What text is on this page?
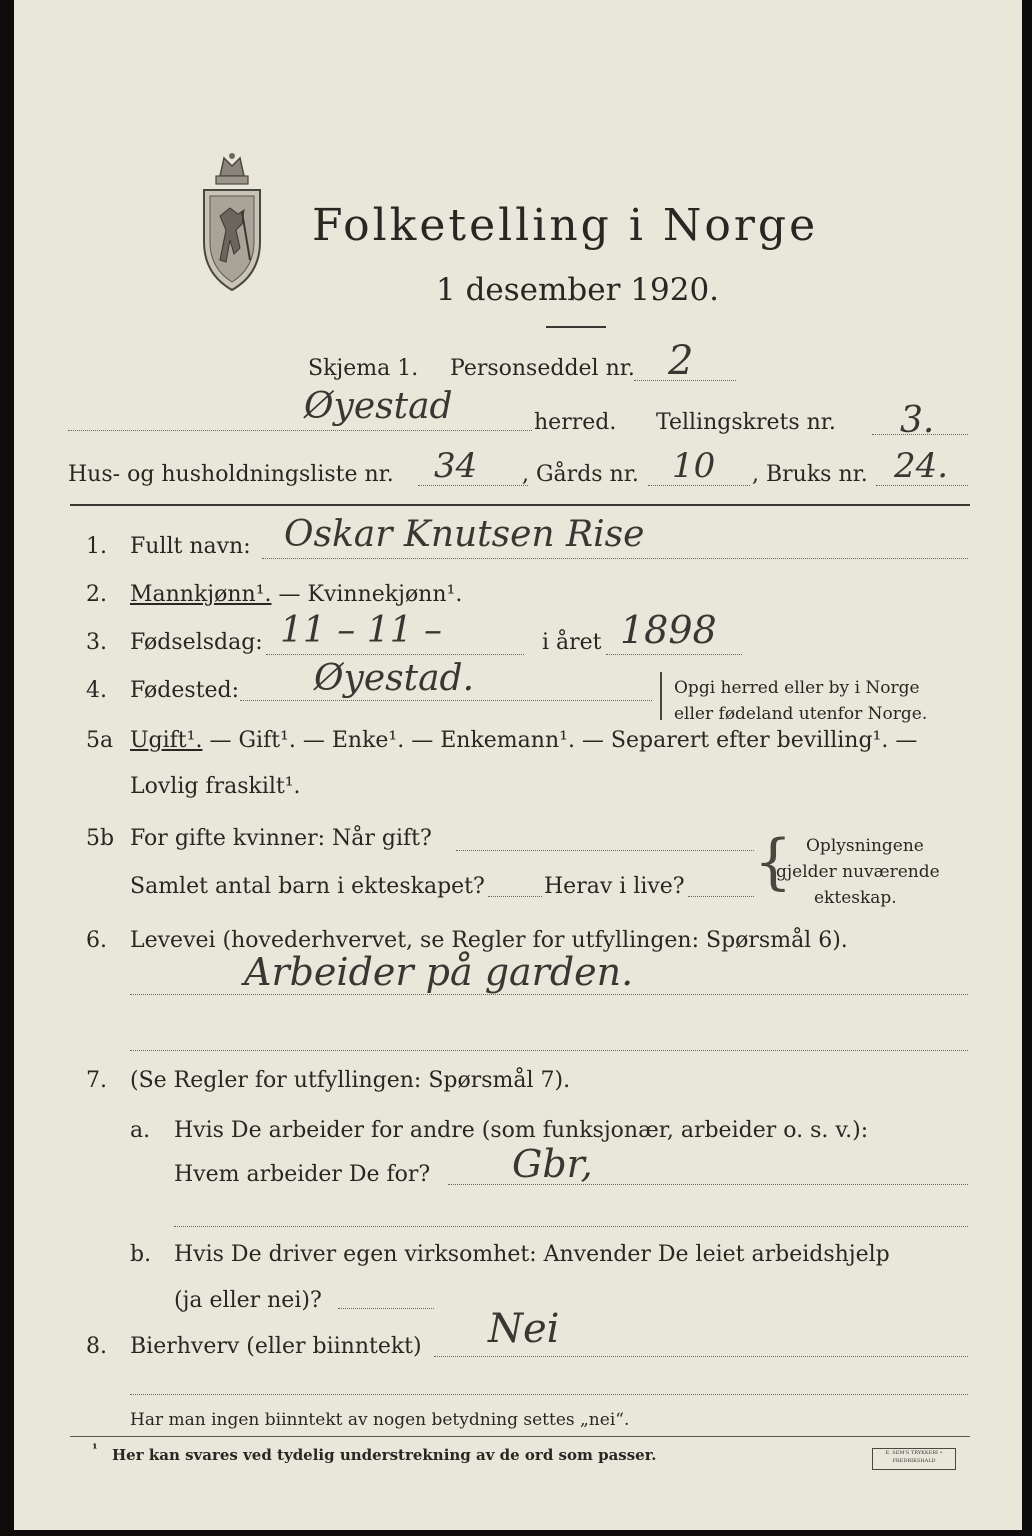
Folketelling i Norge
1 desember 1920.
Skjema 1. Personseddel nr. 2
Øyestad	herred. Tellingskrets nr. 3.
Hus- og husholdningsliste nr. 34 , Gårds nr. 10 , Bruks nr. 24.
1. Fullt navn: Oskar Knutsen Rise
2. Mannkjønn¹. — Kvinnekjønn¹.
3. Fødselsdag: 11 – 11 –	i året 1898
4. Fødested: Øyestad.	Opgi herred eller by i Norge
eller fødeland utenfor Norge.
5a Ugift¹. — Gift¹. — Enke¹. — Enkemann¹. — Separert efter bevilling¹. —
Lovlig fraskilt¹.
5b For gifte kvinner: Når gift?
Samlet antal barn i ekteskapet?	Herav i live? { Oplysningene
gjelder nuværende
ekteskap.
6. Levevei (hovederhvervet, se Regler for utfyllingen: Spørsmål 6).
Arbeider på garden.
7. (Se Regler for utfyllingen: Spørsmål 7).
a. Hvis De arbeider for andre (som funksjonær, arbeider o. s. v.):
Hvem arbeider De for? Gbr,
b. Hvis De driver egen virksomhet: Anvender De leiet arbeidshjelp
(ja eller nei)?
8. Bierhverv (eller biinntekt) Nei
Har man ingen biinntekt av nogen betydning settes „nei“.
¹ Her kan svares ved tydelig understrekning av de ord som passer.	E. SEM'S TRYKKERI • FREDRIKSHALD
